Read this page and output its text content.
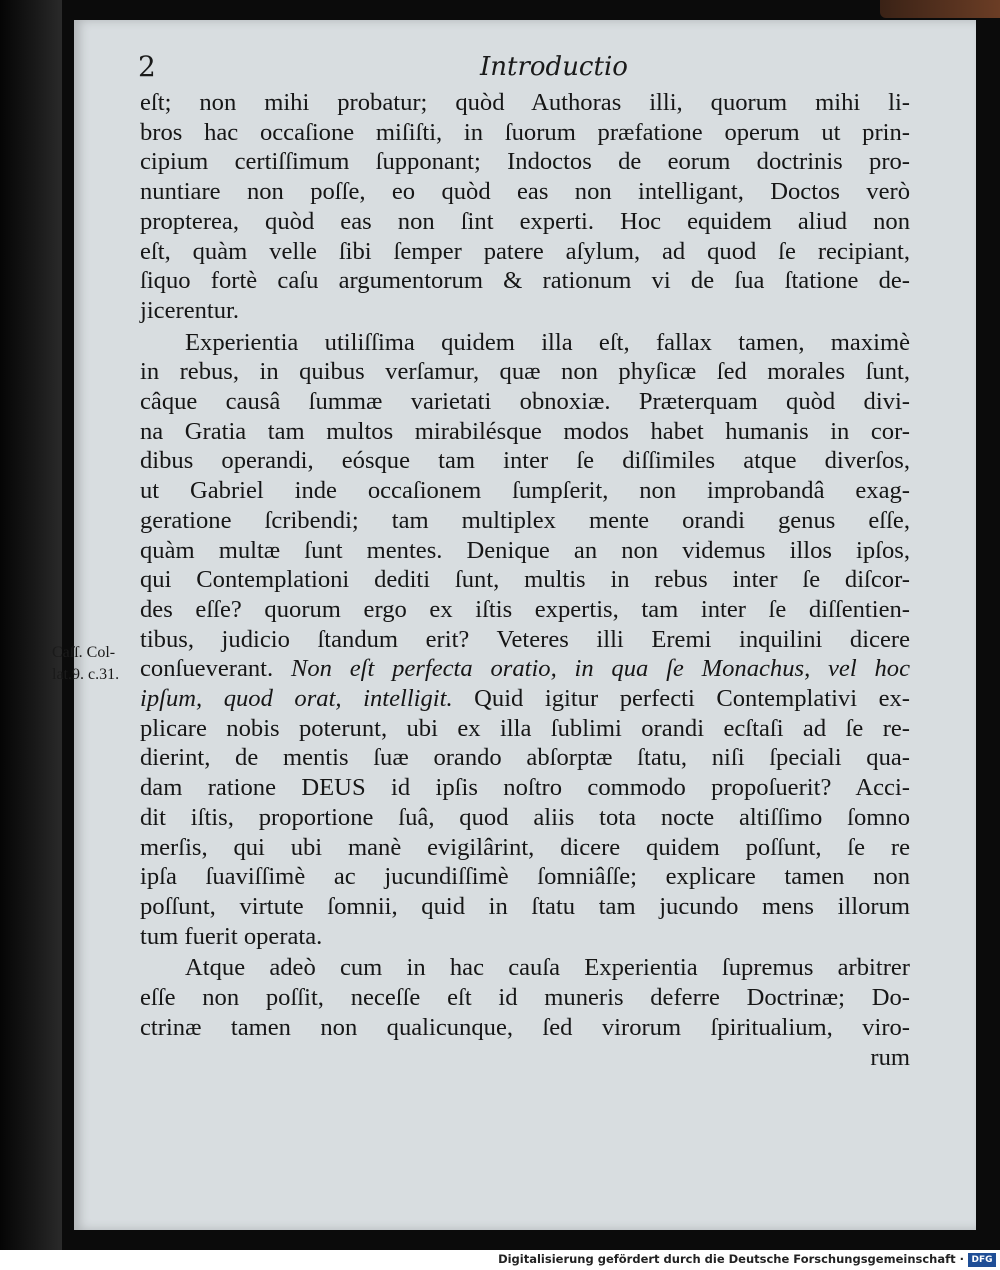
2	Introductio
Caſſ. Col-
lat.9. c.31.
eſt; non mihi probatur; quòd Authoras illi, quorum mihi li-
bros hac occaſione miſiſti, in ſuorum præfatione operum ut prin-
cipium certiſſimum ſupponant; Indoctos de eorum doctrinis pro-
nuntiare non poſſe, eo quòd eas non intelligant, Doctos verò
propterea, quòd eas non ſint experti. Hoc equidem aliud non
eſt, quàm velle ſibi ſemper patere aſylum, ad quod ſe recipiant,
ſiquo fortè caſu argumentorum & rationum vi de ſua ſtatione de-
jicerentur.
Experientia utiliſſima quidem illa eſt, fallax tamen, maximè
in rebus, in quibus verſamur, quæ non phyſicæ ſed morales ſunt,
câque causâ ſummæ varietati obnoxiæ. Præterquam quòd divi-
na Gratia tam multos mirabilésque modos habet humanis in cor-
dibus operandi, eósque tam inter ſe diſſimiles atque diverſos,
ut Gabriel inde occaſionem ſumpſerit, non improbandâ exag-
geratione ſcribendi; tam multiplex mente orandi genus eſſe,
quàm multæ ſunt mentes. Denique an non videmus illos ipſos,
qui Contemplationi dediti ſunt, multis in rebus inter ſe diſcor-
des eſſe? quorum ergo ex iſtis expertis, tam inter ſe diſſentien-
tibus, judicio ſtandum erit? Veteres illi Eremi inquilini dicere
conſueverant. Non eſt perfecta oratio, in qua ſe Monachus, vel hoc
ipſum, quod orat, intelligit. Quid igitur perfecti Contemplativi ex-
plicare nobis poterunt, ubi ex illa ſublimi orandi ecſtaſi ad ſe re-
dierint, de mentis ſuæ orando abſorptæ ſtatu, niſi ſpeciali qua-
dam ratione DEUS id ipſis noſtro commodo propoſuerit? Acci-
dit iſtis, proportione ſuâ, quod aliis tota nocte altiſſimo ſomno
merſis, qui ubi manè evigilârint, dicere quidem poſſunt, ſe re
ipſa ſuaviſſimè ac jucundiſſimè ſomniâſſe; explicare tamen non
poſſunt, virtute ſomnii, quid in ſtatu tam jucundo mens illorum
tum fuerit operata.
Atque adeò cum in hac cauſa Experientia ſupremus arbitrer
eſſe non poſſit, neceſſe eſt id muneris deferre Doctrinæ; Do-
ctrinæ tamen non qualicunque, ſed virorum ſpiritualium, viro-
rum
Digitalisierung gefördert durch die Deutsche Forschungsgemeinschaft · DFG
